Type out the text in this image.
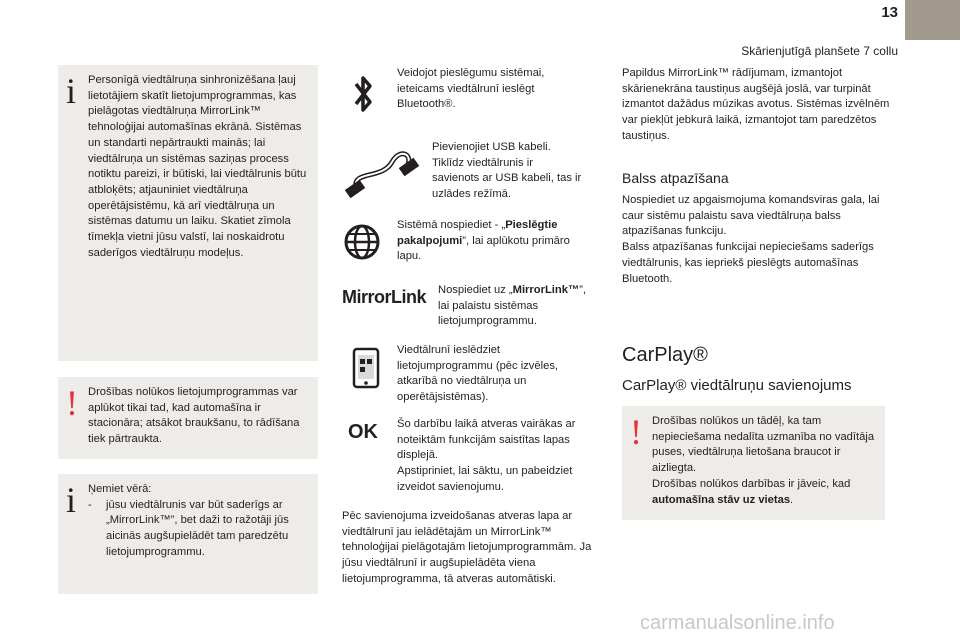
13
Skārienjutīgā planšete 7 collu
i Personīgā viedtālruņa sinhronizēšana ļauj lietotājiem skatīt lietojumprogrammas, kas pielāgotas viedtālruņa MirrorLink™ tehnoloģijai automašīnas ekrānā. Sistēmas un standarti nepārtraukti mainās; lai viedtālruņa un sistēmas saziņas process notiktu pareizi, ir būtiski, lai viedtālrunis būtu atbloķēts; atjauniniet viedtālruņa operētājsistēmu, kā arī viedtālruņa un sistēmas datumu un laiku. Skatiet zīmola tīmekļa vietni jūsu valstī, lai noskaidrotu saderīgos viedtālruņu modeļus.
! Drošības nolūkos lietojumprogrammas var aplūkot tikai tad, kad automašīna ir stacionāra; atsākot braukšanu, to rādīšana tiek pārtraukta.
i Ņemiet vērā:
-	jūsu viedtālrunis var būt saderīgs ar „MirrorLink™”, bet daži to ražotāji jūs aicinās augšupielādēt tam paredzētu lietojumprogrammu.
Veidojot pieslēgumu sistēmai, ieteicams viedtālrunī ieslēgt Bluetooth®.
Pievienojiet USB kabeli. Tiklīdz viedtālrunis ir savienots ar USB kabeli, tas ir uzlādes režīmā.
Sistēmā nospiediet - „Pieslēgtie pakalpojumi”, lai aplūkotu primāro lapu.
MirrorLink	Nospiediet uz „MirrorLink™”, lai palaistu sistēmas lietojumprogrammu.
Viedtālrunī ieslēdziet lietojumprogrammu (pēc izvēles, atkarībā no viedtālruņa un operētājsistēmas).
OK	Šo darbību laikā atveras vairākas ar noteiktām funkcijām saistītas lapas displejā.
Apstipriniet, lai sāktu, un pabeidziet izveidot savienojumu.
Pēc savienojuma izveidošanas atveras lapa ar viedtālrunī jau ielādētajām un MirrorLink™ tehnoloģijai pielāgotajām lietojumprogrammām. Ja jūsu viedtālrunī ir augšupielādēta viena lietojumprogramma, tā atveras automātiski.
Papildus MirrorLink™ rādījumam, izmantojot skārienekrāna taustiņus augšējā joslā, var turpināt izmantot dažādus mūzikas avotus. Sistēmas izvēlnēm var piekļūt jebkurā laikā, izmantojot tam paredzētos taustiņus.
Balss atpazīšana
Nospiediet uz apgaismojuma komandsviras gala, lai caur sistēmu palaistu sava viedtālruņa balss atpazīšanas funkciju.
Balss atpazīšanas funkcijai nepieciešams saderīgs viedtālrunis, kas iepriekš pieslēgts automašīnas Bluetooth.
CarPlay®
CarPlay® viedtālruņu savienojums
! Drošības nolūkos un tādēļ, ka tam nepieciešama nedalīta uzmanība no vadītāja puses, viedtālruņa lietošana braucot ir aizliegta.
Drošības nolūkos darbības ir jāveic, kad automašīna stāv uz vietas.
carmanualsonline.info
